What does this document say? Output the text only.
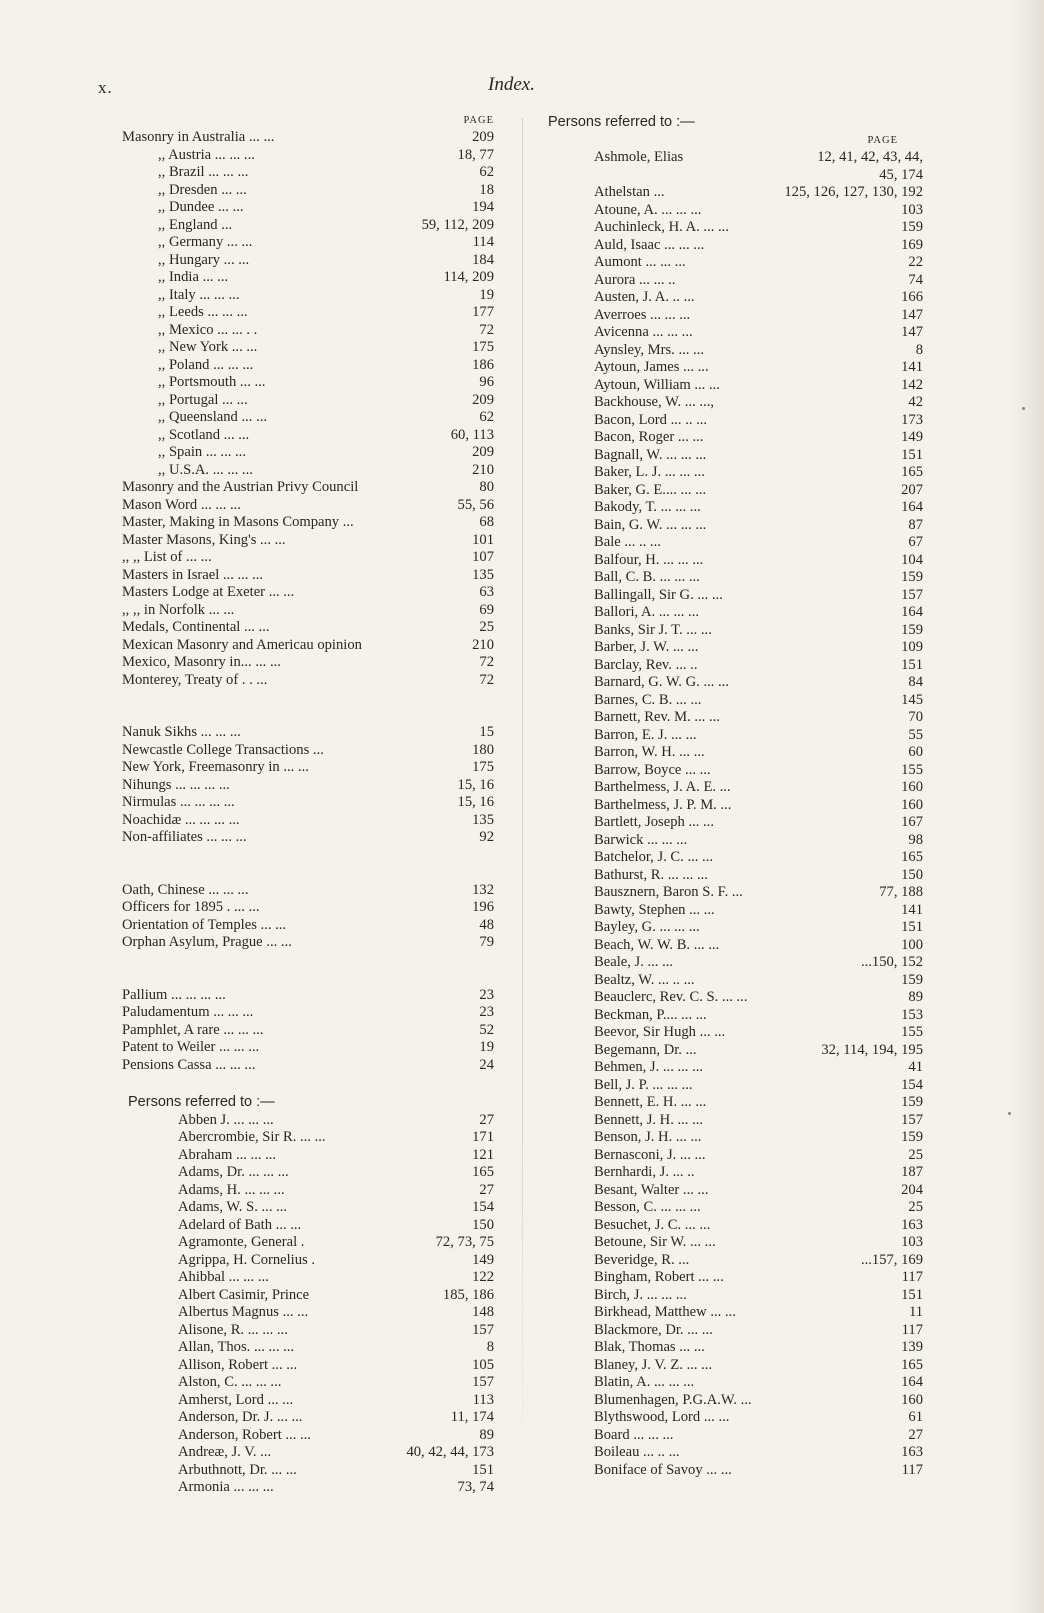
x.	Index.
PAGE
Masonry in Australia ... ...	209
,, Austria ... ... ...	18, 77
,, Brazil ... ... ...	62
,, Dresden ... ...	18
,, Dundee ... ...	194
,, England ...	59, 112, 209
,, Germany ... ...	114
,, Hungary ... ...	184
,, India ... ...	114, 209
,, Italy ... ... ...	19
,, Leeds ... ... ...	177
,, Mexico ... ... . .	72
,, New York ... ...	175
,, Poland ... ... ...	186
,, Portsmouth ... ...	96
,, Portugal ... ...	209
,, Queensland ... ...	62
,, Scotland ... ...	60, 113
,, Spain ... ... ...	209
,, U.S.A. ... ... ...	210
Masonry and the Austrian Privy Council	80
Mason Word ... ... ...	55, 56
Master, Making in Masons Company ...	68
Master Masons, King's ... ...	101
,, ,, List of ... ...	107
Masters in Israel ... ... ...	135
Masters Lodge at Exeter ... ...	63
,, ,, in Norfolk ... ...	69
Medals, Continental ... ...	25
Mexican Masonry and Americau opinion	210
Mexico, Masonry in... ... ...	72
Monterey, Treaty of . . ...	72
Nanuk Sikhs ... ... ...	15
Newcastle College Transactions ...	180
New York, Freemasonry in ... ...	175
Nihungs ... ... ... ...	15, 16
Nirmulas ... ... ... ...	15, 16
Noachidæ ... ... ... ...	135
Non-affiliates ... ... ...	92
Oath, Chinese ... ... ...	132
Officers for 1895 . ... ...	196
Orientation of Temples ... ...	48
Orphan Asylum, Prague ... ...	79
Pallium ... ... ... ...	23
Paludamentum ... ... ...	23
Pamphlet, A rare ... ... ...	52
Patent to Weiler ... ... ...	19
Pensions Cassa ... ... ...	24
Persons referred to :—
Abben J. ... ... ...	27
Abercrombie, Sir R. ... ...	171
Abraham ... ... ...	121
Adams, Dr. ... ... ...	165
Adams, H. ... ... ...	27
Adams, W. S. ... ...	154
Adelard of Bath ... ...	150
Agramonte, General .	72, 73, 75
Agrippa, H. Cornelius .	149
Ahibbal ... ... ...	122
Albert Casimir, Prince	185, 186
Albertus Magnus ... ...	148
Alisone, R. ... ... ...	157
Allan, Thos. ... ... ...	8
Allison, Robert ... ...	105
Alston, C. ... ... ...	157
Amherst, Lord ... ...	113
Anderson, Dr. J. ... ...	11, 174
Anderson, Robert ... ...	89
Andreæ, J. V. ...	40, 42, 44, 173
Arbuthnott, Dr. ... ...	151
Armonia ... ... ...	73, 74
Persons referred to :—
PAGE
Ashmole, Elias	12, 41, 42, 43, 44,
45, 174
Athelstan ...	125, 126, 127, 130, 192
Atoune, A. ... ... ...	103
Auchinleck, H. A. ... ...	159
Auld, Isaac ... ... ...	169
Aumont ... ... ...	22
Aurora ... ... ..	74
Austen, J. A. .. ...	166
Averroes ... ... ...	147
Avicenna ... ... ...	147
Aynsley, Mrs. ... ...	8
Aytoun, James ... ...	141
Aytoun, William ... ...	142
Backhouse, W. ... ...,	42
Bacon, Lord ... .. ...	173
Bacon, Roger ... ...	149
Bagnall, W. ... ... ...	151
Baker, L. J. ... ... ...	165
Baker, G. E.... ... ...	207
Bakody, T. ... ... ...	164
Bain, G. W. ... ... ...	87
Bale ... .. ...	67
Balfour, H. ... ... ...	104
Ball, C. B. ... ... ...	159
Ballingall, Sir G. ... ...	157
Ballori, A. ... ... ...	164
Banks, Sir J. T. ... ...	159
Barber, J. W. ... ...	109
Barclay, Rev. ... ..	151
Barnard, G. W. G. ... ...	84
Barnes, C. B. ... ...	145
Barnett, Rev. M. ... ...	70
Barron, E. J. ... ...	55
Barron, W. H. ... ...	60
Barrow, Boyce ... ...	155
Barthelmess, J. A. E. ...	160
Barthelmess, J. P. M. ...	160
Bartlett, Joseph ... ...	167
Barwick ... ... ...	98
Batchelor, J. C. ... ...	165
Bathurst, R. ... ... ...	150
Bausznern, Baron S. F. ...	77, 188
Bawty, Stephen ... ...	141
Bayley, G. ... ... ...	151
Beach, W. W. B. ... ...	100
Beale, J. ... ...	...150, 152
Bealtz, W. ... .. ...	159
Beauclerc, Rev. C. S. ... ...	89
Beckman, P.... ... ...	153
Beevor, Sir Hugh ... ...	155
Begemann, Dr. ...	32, 114, 194, 195
Behmen, J. ... ... ...	41
Bell, J. P. ... ... ...	154
Bennett, E. H. ... ...	159
Bennett, J. H. ... ...	157
Benson, J. H. ... ...	159
Bernasconi, J. ... ...	25
Bernhardi, J. ... ..	187
Besant, Walter ... ...	204
Besson, C. ... ... ...	25
Besuchet, J. C. ... ...	163
Betoune, Sir W. ... ...	103
Beveridge, R. ...	...157, 169
Bingham, Robert ... ...	117
Birch, J. ... ... ...	151
Birkhead, Matthew ... ...	11
Blackmore, Dr. ... ...	117
Blak, Thomas ... ...	139
Blaney, J. V. Z. ... ...	165
Blatin, A. ... ... ...	164
Blumenhagen, P.G.A.W. ...	160
Blythswood, Lord ... ...	61
Board ... ... ...	27
Boileau ... .. ...	163
Boniface of Savoy ... ...	117
